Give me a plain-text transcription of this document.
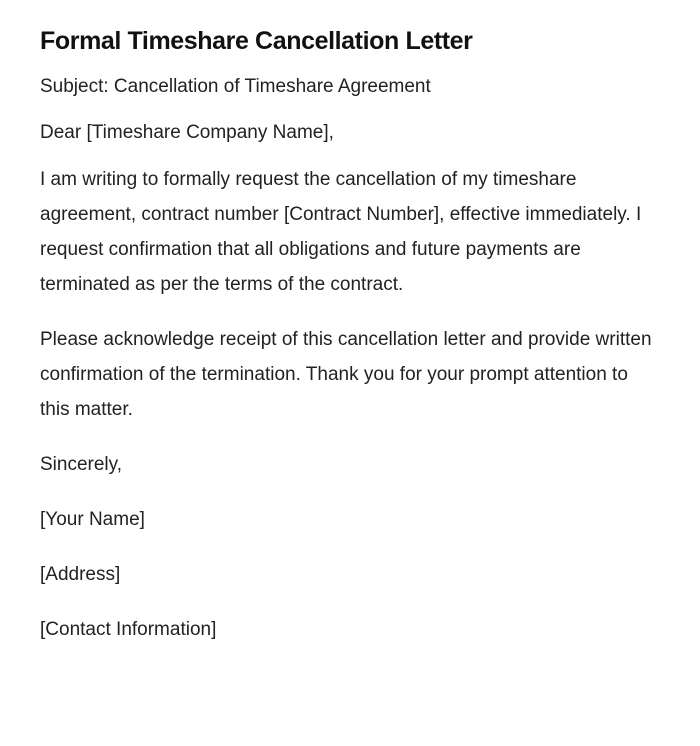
Formal Timeshare Cancellation Letter

Subject: Cancellation of Timeshare Agreement

Dear [Timeshare Company Name],

I am writing to formally request the cancellation of my timeshare agreement, contract number [Contract Number], effective immediately. I request confirmation that all obligations and future payments are terminated as per the terms of the contract.

Please acknowledge receipt of this cancellation letter and provide written confirmation of the termination. Thank you for your prompt attention to this matter.

Sincerely,

[Your Name]

[Address]

[Contact Information]
